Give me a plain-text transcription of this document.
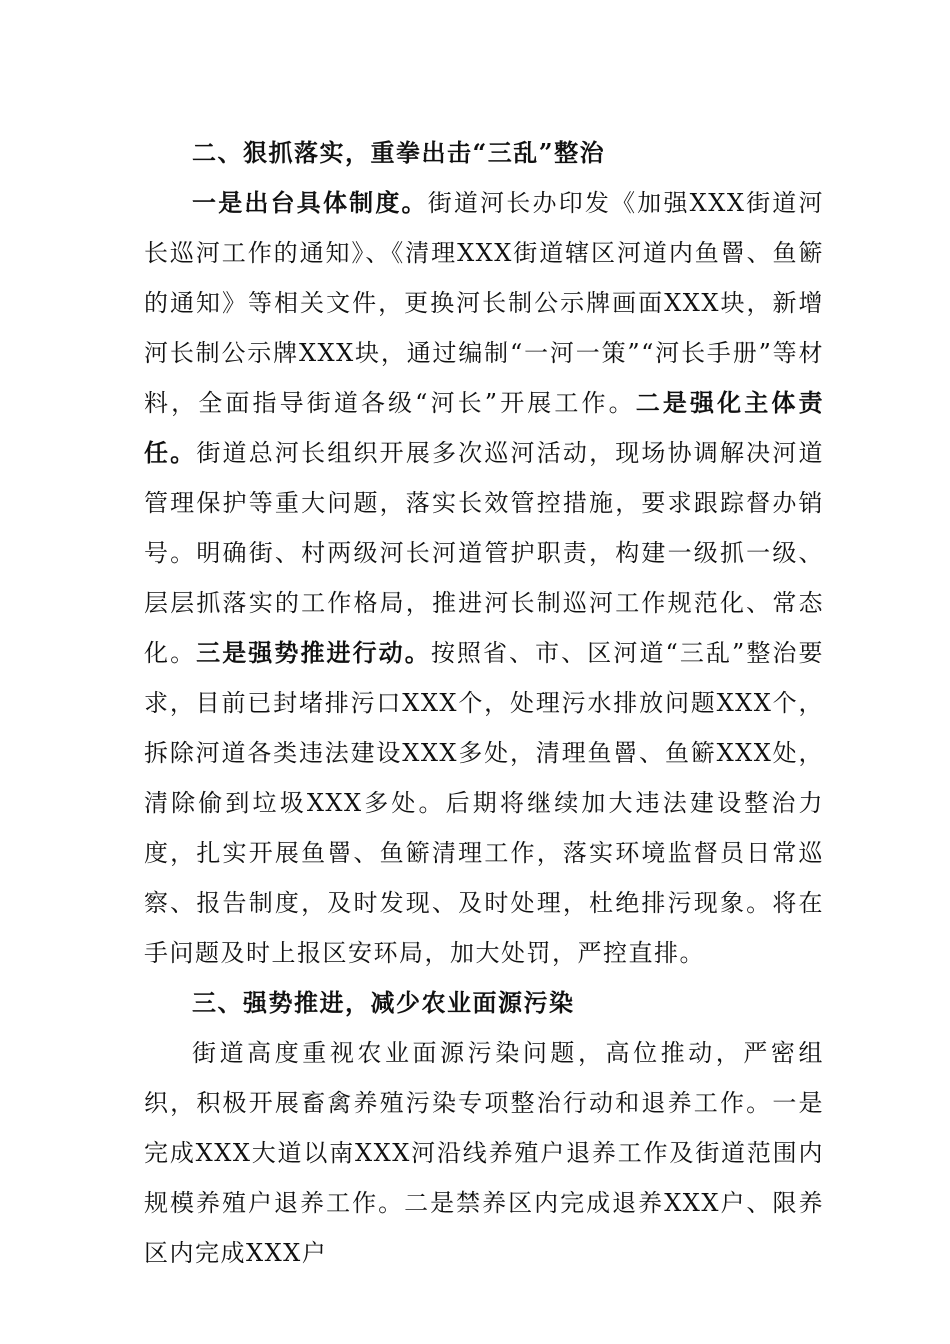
二、狠抓落实，重拳出击“三乱”整治

一是出台具体制度。街道河长办印发《加强XXX街道河长巡河工作的通知》、《清理XXX街道辖区河道内鱼罾、鱼簖的通知》等相关文件，更换河长制公示牌画面XXX块，新增河长制公示牌XXX块，通过编制“一河一策”“河长手册”等材料，全面指导街道各级“河长”开展工作。二是强化主体责任。街道总河长组织开展多次巡河活动，现场协调解决河道管理保护等重大问题，落实长效管控措施，要求跟踪督办销号。明确街、村两级河长河道管护职责，构建一级抓一级、层层抓落实的工作格局，推进河长制巡河工作规范化、常态化。三是强势推进行动。按照省、市、区河道“三乱”整治要求，目前已封堵排污口XXX个，处理污水排放问题XXX个，拆除河道各类违法建设XXX多处，清理鱼罾、鱼簖XXX处，清除偷到垃圾XXX多处。后期将继续加大违法建设整治力度，扎实开展鱼罾、鱼簖清理工作，落实环境监督员日常巡察、报告制度，及时发现、及时处理，杜绝排污现象。将在手问题及时上报区安环局，加大处罚，严控直排。

三、强势推进，减少农业面源污染

街道高度重视农业面源污染问题，高位推动，严密组织，积极开展畜禽养殖污染专项整治行动和退养工作。一是完成XXX大道以南XXX河沿线养殖户退养工作及街道范围内规模养殖户退养工作。二是禁养区内完成退养XXX户、限养区内完成XXX户
